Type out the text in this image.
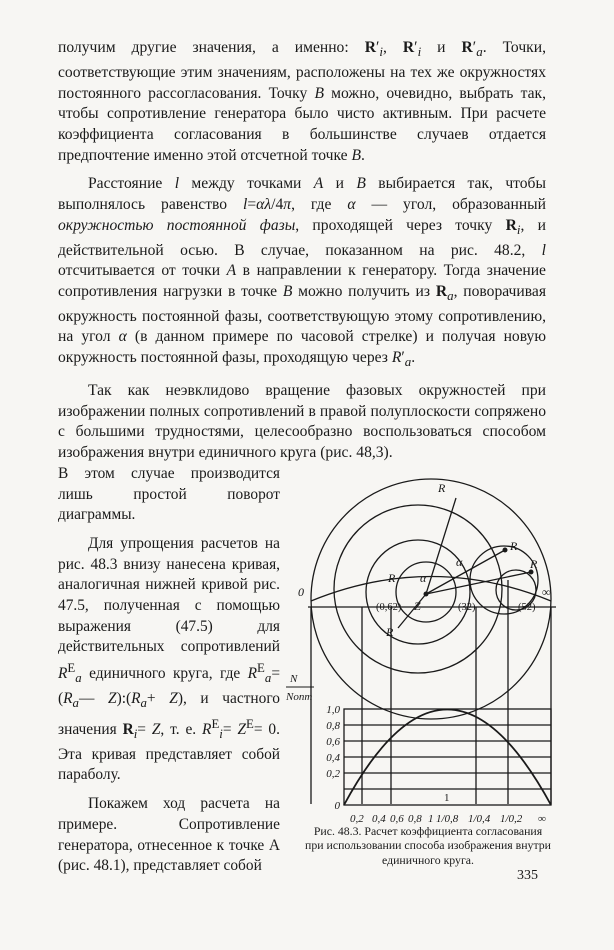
получим другие значения, а именно: $R'_i$, $R'_i$ и $R'_a$. Точки, соответствующие этим значениям, расположены на тех же окружностях постоянного рассогласования. Точку B можно, очевидно, выбрать так, чтобы сопротивление генератора было чисто активным. При расчете коэффициента согласования в большинстве случаев отдается предпочтение именно этой отсчетной точке B.

Расстояние l между точками A и B выбирается так, чтобы выполнялось равенство l=αλ/4π, где α — угол, образованный окружностью постоянной фазы, проходящей через точку $R_i$, и действительной осью. В случае, показанном на рис. 48.2, l отсчитывается от точки A в направлении к генератору. Тогда значение сопротивления нагрузки в точке B можно получить из $R_a$, поворачивая окружность постоянной фазы, соответствующую этому сопротивлению, на угол α (в данном примере по часовой стрелке) и получая новую окружность постоянной фазы, проходящую через $R'_a$.

Так как неэвклидово вращение фазовых окружностей при изображении полных сопротивлений в правой полуплоскости сопряжено с большими трудностями, целесообразно воспользоваться способом изображения внутри единичного круга (рис. 48,3).

В этом случае производится лишь простой поворот диаграммы.

Для упрощения расчетов на рис. 48.3 внизу нанесена кривая, аналогичная нижней кривой рис. 47.5, полученная с помощью выражения (47.5) для действительных сопротивлений $R^E_a$ единичного круга, где $R^E_a=(R_a—$ $Z):(R_a+ Z)$, и частного значения $R_i= Z$, т. е. $R^E_i= Z^E= 0$. Эта кривая представляет собой параболу.

Покажем ход расчета на примере. Сопротивление генератора, отнесенное к точке A (рис. 48.1), представляет собой

R
R
R
R
R
Z
α
α
0	∞
(0,62)	(32)	(52)
N
Nопт
1,0
0,8
0,6
0,4
0,2
0
1
0,2 0,4 0,6 0,8 1 1/0,8 1/0,4 1/0,2 ∞
Рис. 48.3. Расчет коэффициента согласования при использовании способа изображения внутри единичного круга.
335
